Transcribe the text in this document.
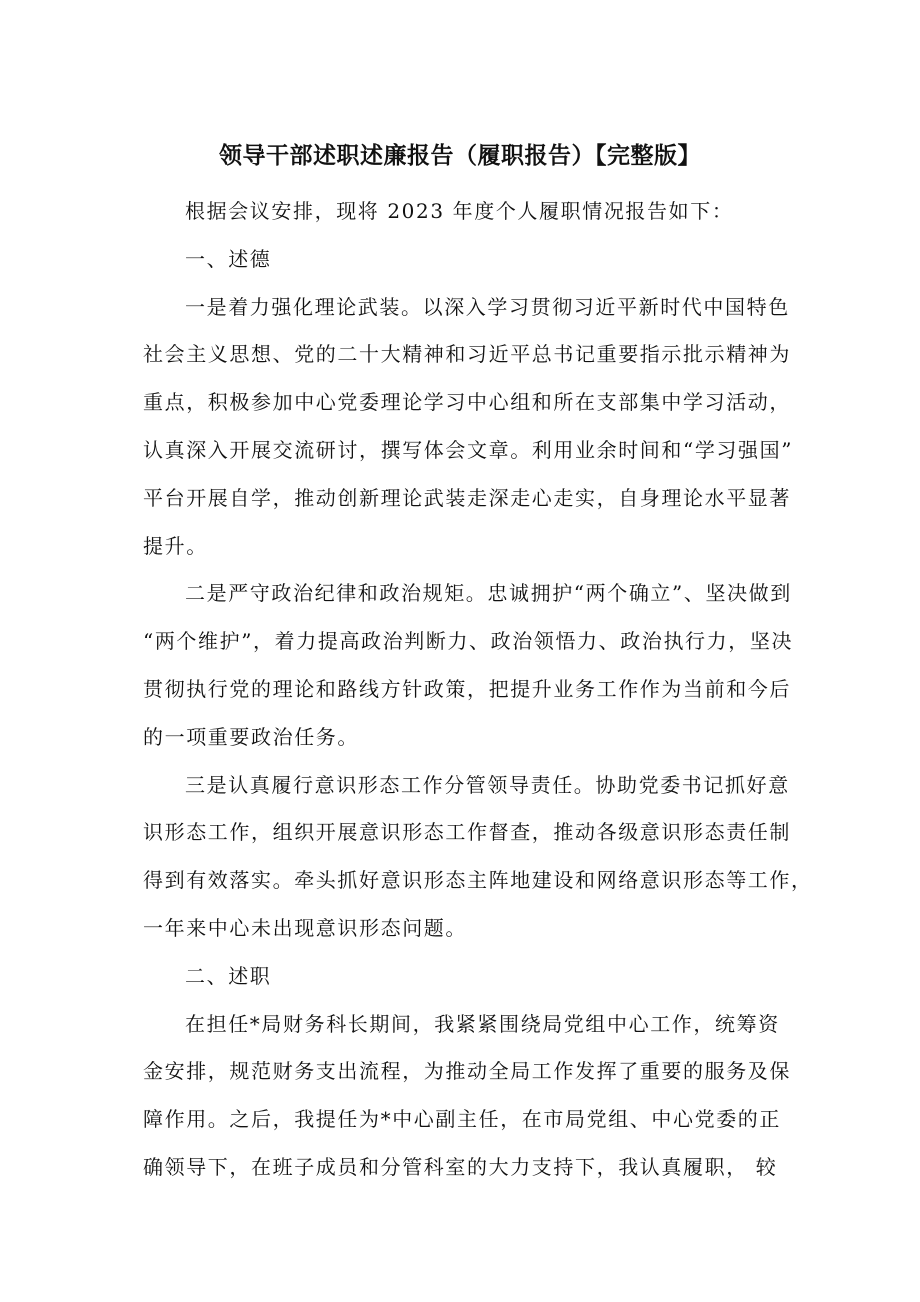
领导干部述职述廉报告（履职报告）【完整版】
根据会议安排，现将 2023 年度个人履职情况报告如下：
一、述德
一是着力强化理论武装。以深入学习贯彻习近平新时代中国特色
社会主义思想、党的二十大精神和习近平总书记重要指示批示精神为
重点，积极参加中心党委理论学习中心组和所在支部集中学习活动，
认真深入开展交流研讨，撰写体会文章。利用业余时间和“学习强国”
平台开展自学，推动创新理论武装走深走心走实，自身理论水平显著
提升。
二是严守政治纪律和政治规矩。忠诚拥护“两个确立”、坚决做到
“两个维护”，着力提高政治判断力、政治领悟力、政治执行力，坚决
贯彻执行党的理论和路线方针政策，把提升业务工作作为当前和今后
的一项重要政治任务。
三是认真履行意识形态工作分管领导责任。协助党委书记抓好意
识形态工作，组织开展意识形态工作督查，推动各级意识形态责任制
得到有效落实。牵头抓好意识形态主阵地建设和网络意识形态等工作，
一年来中心未出现意识形态问题。
二、述职
在担任*局财务科长期间，我紧紧围绕局党组中心工作，统筹资
金安排，规范财务支出流程，为推动全局工作发挥了重要的服务及保
障作用。之后，我提任为*中心副主任，在市局党组、中心党委的正
确领导下，在班子成员和分管科室的大力支持下，我认真履职， 较
